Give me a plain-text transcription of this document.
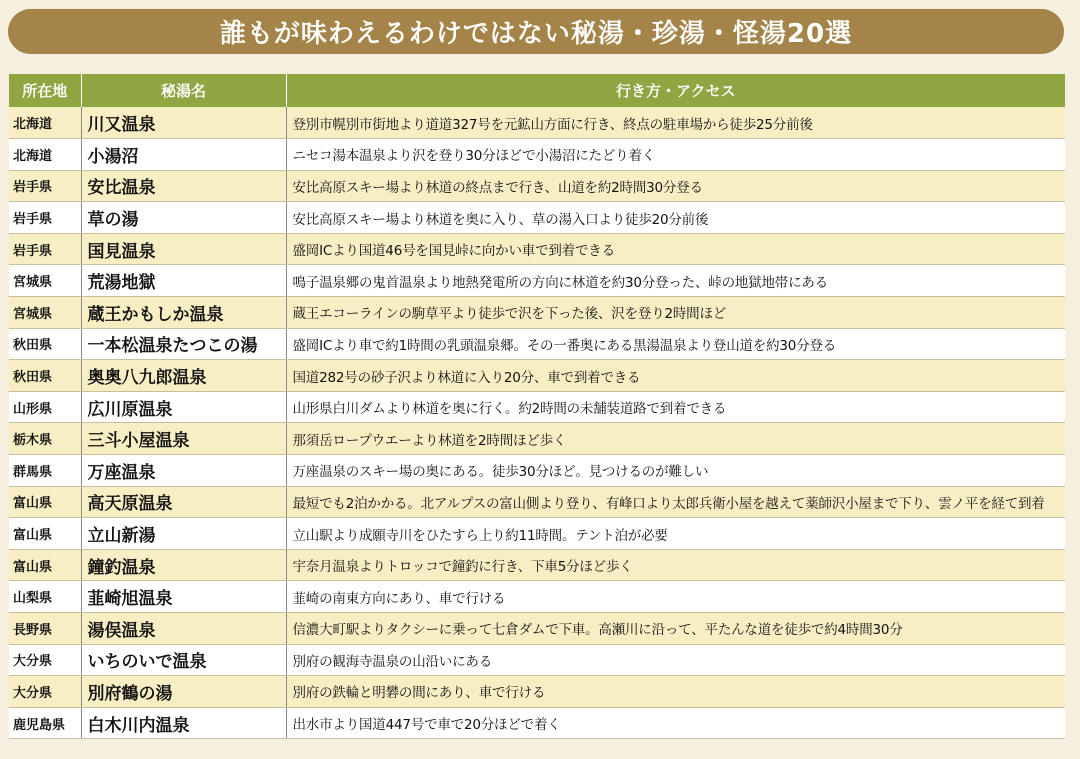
誰もが味わえるわけではない秘湯・珍湯・怪湯20選
所在地	秘湯名	行き方・アクセス
北海道	川又温泉	登別市幌別市街地より道道327号を元鉱山方面に行き、終点の駐車場から徒歩25分前後
北海道	小湯沼	ニセコ湯本温泉より沢を登り30分ほどで小湯沼にたどり着く
岩手県	安比温泉	安比高原スキー場より林道の終点まで行き、山道を約2時間30分登る
岩手県	草の湯	安比高原スキー場より林道を奥に入り、草の湯入口より徒歩20分前後
岩手県	国見温泉	盛岡ICより国道46号を国見峠に向かい車で到着できる
宮城県	荒湯地獄	鳴子温泉郷の鬼首温泉より地熱発電所の方向に林道を約30分登った、峠の地獄地帯にある
宮城県	蔵王かもしか温泉	蔵王エコーラインの駒草平より徒歩で沢を下った後、沢を登り2時間ほど
秋田県	一本松温泉たつこの湯	盛岡ICより車で約1時間の乳頭温泉郷。その一番奥にある黒湯温泉より登山道を約30分登る
秋田県	奥奥八九郎温泉	国道282号の砂子沢より林道に入り20分、車で到着できる
山形県	広川原温泉	山形県白川ダムより林道を奥に行く。約2時間の未舗装道路で到着できる
栃木県	三斗小屋温泉	那須岳ロープウエーより林道を2時間ほど歩く
群馬県	万座温泉	万座温泉のスキー場の奥にある。徒歩30分ほど。見つけるのが難しい
富山県	高天原温泉	最短でも2泊かかる。北アルプスの富山側より登り、有峰口より太郎兵衛小屋を越えて薬師沢小屋まで下り、雲ノ平を経て到着
富山県	立山新湯	立山駅より成願寺川をひたすら上り約11時間。テント泊が必要
富山県	鐘釣温泉	宇奈月温泉よりトロッコで鐘釣に行き、下車5分ほど歩く
山梨県	韮崎旭温泉	韮崎の南東方向にあり、車で行ける
長野県	湯俣温泉	信濃大町駅よりタクシーに乗って七倉ダムで下車。高瀬川に沿って、平たんな道を徒歩で約4時間30分
大分県	いちのいで温泉	別府の観海寺温泉の山沿いにある
大分県	別府鶴の湯	別府の鉄輪と明礬の間にあり、車で行ける
鹿児島県	白木川内温泉	出水市より国道447号で車で20分ほどで着く
